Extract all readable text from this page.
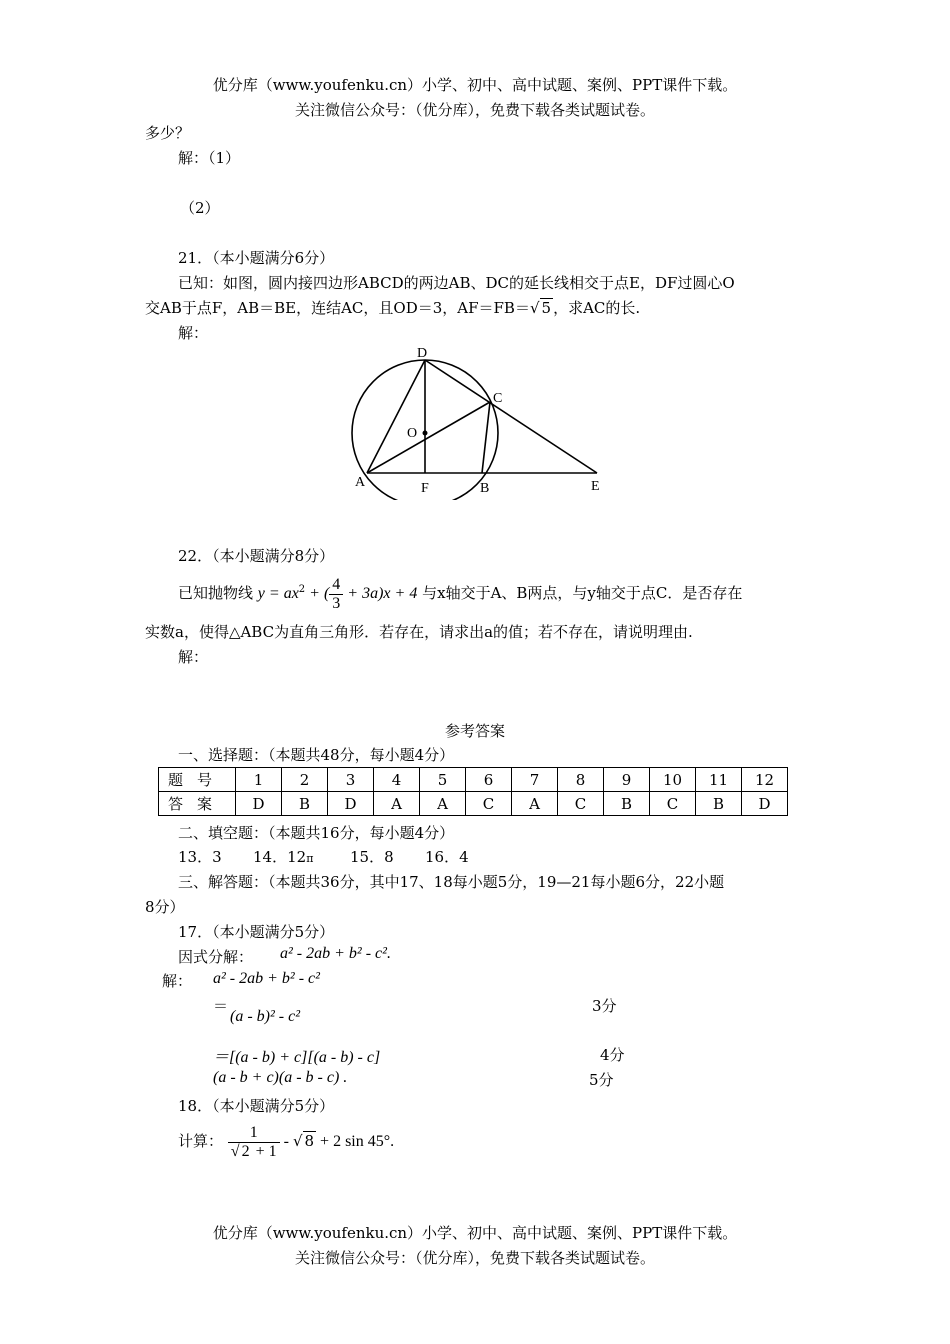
优分库（www.youfenku.cn）小学、初中、高中试题、案例、PPT课件下载。
关注微信公众号：（优分库），免费下载各类试题试卷。
多少？
解：（1）
（2）
21．（本小题满分6分）
已知：如图，圆内接四边形ABCD的两边AB、DC的延长线相交于点E，DF过圆心O
交AB于点F，AB＝BE，连结AC，且OD＝3，AF＝FB＝√ 5 ，求AC的长.
解：
D
C
O
A	F	B	E
22．（本小题满分8分）
已知抛物线 $y = ax^2$ + ( $\frac{4}{3} + 3a)x + 4$ 与x轴交于A、B两点，与y轴交于点C．是否存在
实数a，使得△ABC为直角三角形．若存在，请求出a的值；若不存在，请说明理由.
解：
参考答案
一、选择题：（本题共48分，每小题4分）
题号	1	2	3	4	5	6	7	8	9	10	11	12
答案	D	B	D	A	A	C	A	C	B	C	B	D
二、填空题：（本题共16分，每小题4分）
13．3 14．12π 15．8 16．4
三、解答题：（本题共36分，其中17、18每小题5分，19—21每小题6分，22小题
8分）
17．（本小题满分5分）
因式分解： a² - 2ab + b² - c².
解： a² - 2ab + b² - c²
＝
(a - b)² - c²
3分
＝[(a - b) + c][(a - b) - c]	4分
(a - b + c)(a - b - c) .	5分
18．（本小题满分5分）
计算： $\frac{1}{√ 2 + 1}$ - √ 8 + 2 sin 45°.
优分库（www.youfenku.cn）小学、初中、高中试题、案例、PPT课件下载。
关注微信公众号：（优分库），免费下载各类试题试卷。
